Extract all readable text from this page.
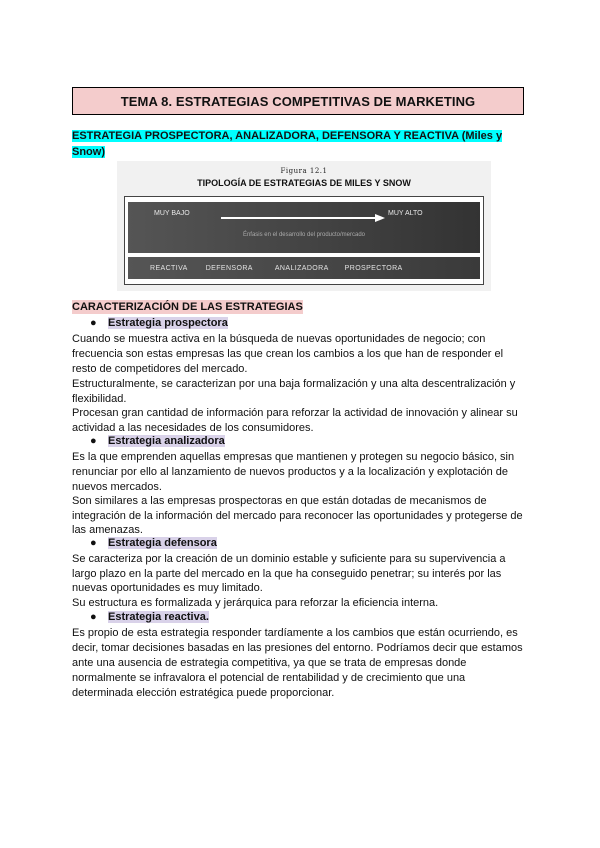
TEMA 8. ESTRATEGIAS COMPETITIVAS DE MARKETING
ESTRATEGIA PROSPECTORA, ANALIZADORA, DEFENSORA Y REACTIVA (Miles y Snow)
Figura 12.1
TIPOLOGÍA DE ESTRATEGIAS DE MILES Y SNOW
MUY BAJO	MUY ALTO
Énfasis en el desarrollo del producto/mercado
REACTIVA	DEFENSORA	ANALIZADORA PROSPECTORA
CARACTERIZACIÓN DE LAS ESTRATEGIAS
● Estrategia prospectora
Cuando se muestra activa en la búsqueda de nuevas oportunidades de negocio; con
frecuencia son estas empresas las que crean los cambios a los que han de responder el
resto de competidores del mercado.
Estructuralmente, se caracterizan por una baja formalización y una alta descentralización y
flexibilidad.
Procesan gran cantidad de información para reforzar la actividad de innovación y alinear su
actividad a las necesidades de los consumidores.
● Estrategia analizadora
Es la que emprenden aquellas empresas que mantienen y protegen su negocio básico, sin
renunciar por ello al lanzamiento de nuevos productos y a la localización y explotación de
nuevos mercados.
Son similares a las empresas prospectoras en que están dotadas de mecanismos de
integración de la información del mercado para reconocer las oportunidades y protegerse de
las amenazas.
● Estrategia defensora
Se caracteriza por la creación de un dominio estable y suficiente para su supervivencia a
largo plazo en la parte del mercado en la que ha conseguido penetrar; su interés por las
nuevas oportunidades es muy limitado.
Su estructura es formalizada y jerárquica para reforzar la eficiencia interna.
● Estrategia reactiva.
Es propio de esta estrategia responder tardíamente a los cambios que están ocurriendo, es
decir, tomar decisiones basadas en las presiones del entorno. Podríamos decir que estamos
ante una ausencia de estrategia competitiva, ya que se trata de empresas donde
normalmente se infravalora el potencial de rentabilidad y de crecimiento que una
determinada elección estratégica puede proporcionar.
